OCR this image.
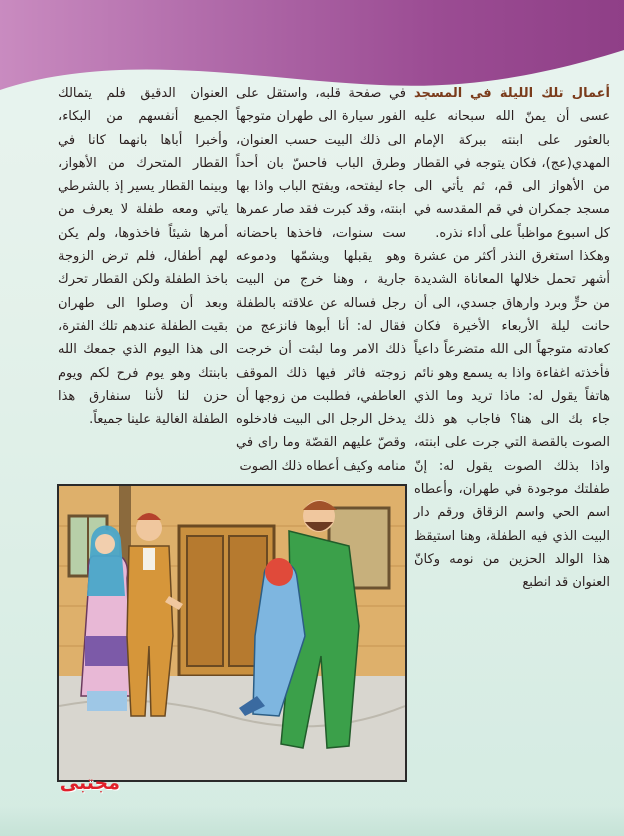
أعمال تلك الليلة في المسجد عسى أن يمنّ الله سبحانه عليه بالعثور على ابنته ببركة الإمام المهدي(عج)، فكان يتوجه في القطار من الأهواز الى قم، ثم يأتي الى مسجد جمكران في قم المقدسه في كل اسبوع مواظباً على أداء نذره.

وهكذا استغرق النذر أكثر من عشرة أشهر تحمل خلالها المعاناة الشديدة من حرٍّ وبرد وارهاق جسدي، الى أن حانت ليلة الأربعاء الأخيرة فكان كعادته متوجهاً الى الله متضرعاً داعياً فأخذته اغفاءة واذا به يسمع وهو نائم هاتفاً يقول له: ماذا تريد وما الذي جاء بك الى هنا؟ فاجاب هو ذلك الصوت بالقصة التي جرت على ابنته، واذا بذلك الصوت يقول له: إنّ طفلتك موجودة في طهران، وأعطاه اسم الحي واسم الزقاق ورقم دار البيت الذي فيه الطفلة، وهنا استيقظ هذا الوالد الحزين من نومه وكانّ العنوان قد انطبع

في صفحة قلبه، واستقل على الفور سيارة الى طهران متوجهاً الى ذلك البيت حسب العنوان، وطرق الباب فاحسّ بان أحداً جاء ليفتحه، ويفتح الباب واذا بها ابنته، وقد كبرت فقد صار عمرها ست سنوات، فاخذها باحضانه وهو يقبلها ويشمّها ودموعه جارية ، وهنا خرج من البيت رجل فساله عن علاقته بالطفلة فقال له: أنا أبوها فانزعج من ذلك الامر وما لبثت أن خرجت زوجته فاثر فيها ذلك الموقف العاطفي، فطلبت من زوجها أن يدخل الرجل الى البيت فادخلوه وقصّ عليهم القصّة وما راى في منامه وكيف أعطاه ذلك الصوت

العنوان الدقيق فلم يتمالك الجميع أنفسهم من البكاء، وأخبرا أباها بانهما كانا في القطار المتحرك من الأهواز، وبينما القطار يسير إذ بالشرطي ياتي ومعه طفلة لا يعرف من أمرها شيئاً فاخذوها، ولم يكن لهم أطفال، فلم ترض الزوجة باخذ الطفلة ولكن القطار تحرك وبعد أن وصلوا الى طهران بقيت الطفلة عندهم تلك الفترة، الى هذا اليوم الذي جمعك الله بابنتك وهو يوم فرح لكم ويوم حزن لنا لأننا سنفارق هذا الطفلة الغالية علينا جميعاً.

مجتبى
